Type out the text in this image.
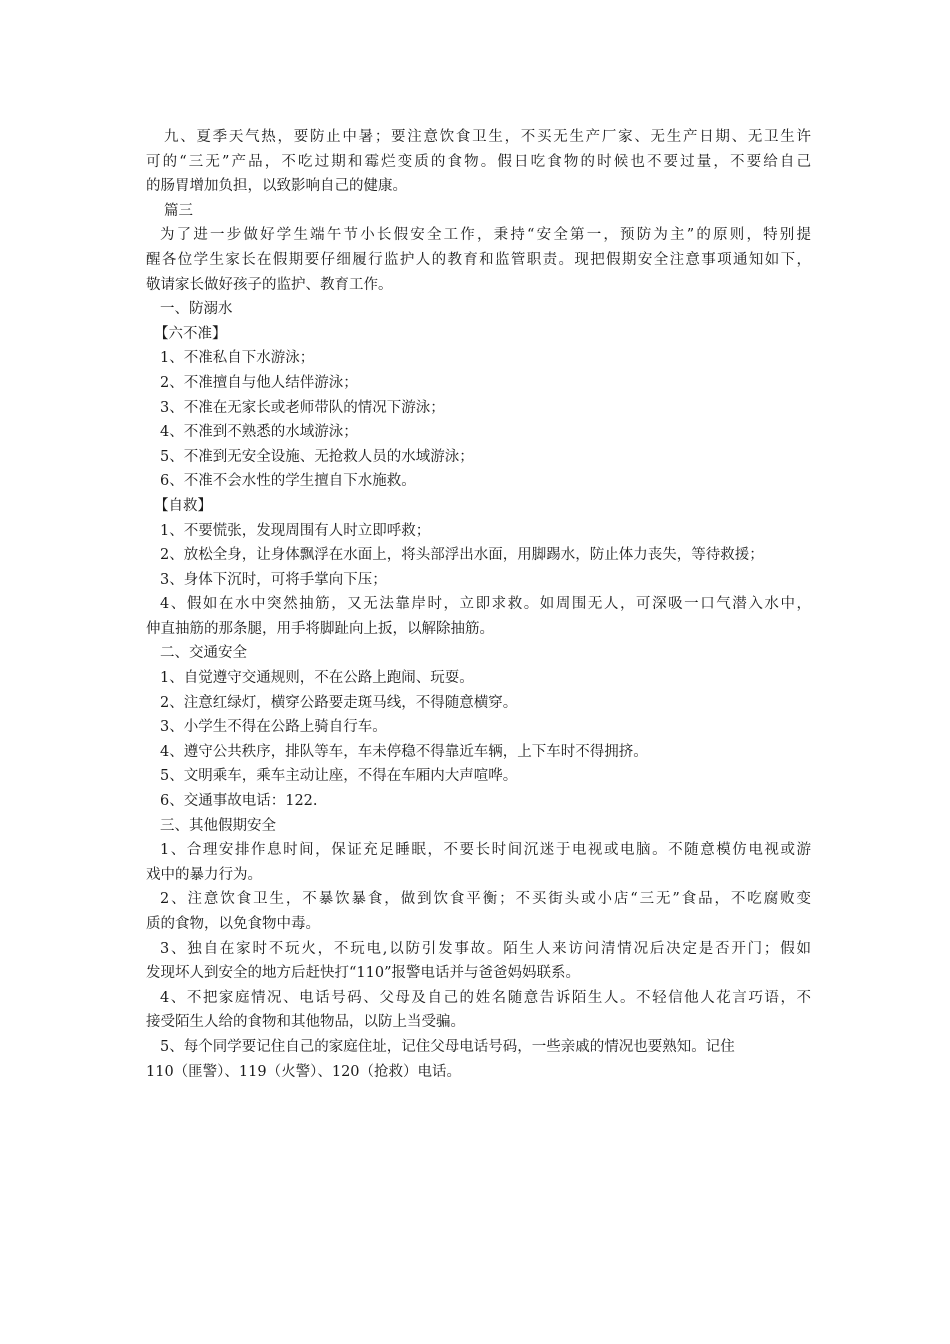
九、夏季天气热，要防止中暑；要注意饮食卫生，不买无生产厂家、无生产日期、无卫生许
可的“三无”产品，不吃过期和霉烂变质的食物。假日吃食物的时候也不要过量，不要给自己
的肠胃增加负担，以致影响自己的健康。
篇三
为了进一步做好学生端午节小长假安全工作，秉持“安全第一，预防为主”的原则，特别提
醒各位学生家长在假期要仔细履行监护人的教育和监管职责。现把假期安全注意事项通知如下，
敬请家长做好孩子的监护、教育工作。
一、防溺水
【六不准】
1、不准私自下水游泳；
2、不准擅自与他人结伴游泳；
3、不准在无家长或老师带队的情况下游泳；
4、不准到不熟悉的水域游泳；
5、不准到无安全设施、无抢救人员的水域游泳；
6、不准不会水性的学生擅自下水施救。
【自救】
1、不要慌张，发现周围有人时立即呼救；
2、放松全身，让身体飘浮在水面上，将头部浮出水面，用脚踢水，防止体力丧失，等待救援；
3、身体下沉时，可将手掌向下压；
4、假如在水中突然抽筋，又无法靠岸时，立即求救。如周围无人，可深吸一口气潜入水中，
伸直抽筋的那条腿，用手将脚趾向上扳，以解除抽筋。
二、交通安全
1、自觉遵守交通规则，不在公路上跑闹、玩耍。
2、注意红绿灯，横穿公路要走斑马线，不得随意横穿。
3、小学生不得在公路上骑自行车。
4、遵守公共秩序，排队等车，车未停稳不得靠近车辆，上下车时不得拥挤。
5、文明乘车，乘车主动让座，不得在车厢内大声喧哗。
6、交通事故电话：122.
三、其他假期安全
1、合理安排作息时间，保证充足睡眠，不要长时间沉迷于电视或电脑。不随意模仿电视或游
戏中的暴力行为。
2、注意饮食卫生，不暴饮暴食，做到饮食平衡；不买街头或小店“三无”食品，不吃腐败变
质的食物，以免食物中毒。
3、独自在家时不玩火，不玩电,以防引发事故。陌生人来访问清情况后决定是否开门；假如
发现坏人到安全的地方后赶快打“110”报警电话并与爸爸妈妈联系。
4、不把家庭情况、电话号码、父母及自己的姓名随意告诉陌生人。不轻信他人花言巧语，不
接受陌生人给的食物和其他物品，以防上当受骗。
5、每个同学要记住自己的家庭住址，记住父母电话号码，一些亲戚的情况也要熟知。记住
110（匪警）、119（火警）、120（抢救）电话。
